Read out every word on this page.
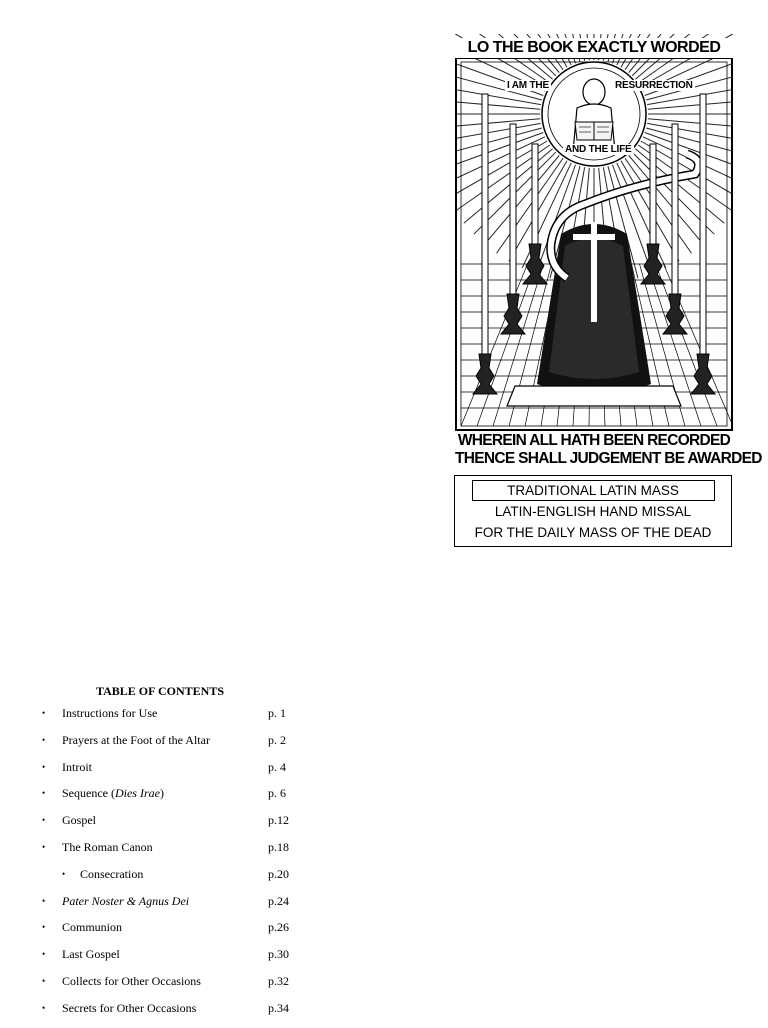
LO THE BOOK EXACTLY WORDED
I AM THE	RESURRECTION
AND THE LIFE
WHEREIN ALL HATH BEEN RECORDED
THENCE SHALL JUDGEMENT BE AWARDED
TRADITIONAL LATIN MASS
LATIN-ENGLISH HAND MISSAL
FOR THE DAILY MASS OF THE DEAD
TABLE OF CONTENTS
• Instructions for Use	p. 1
• Prayers at the Foot of the Altar	p. 2
• Introit	p. 4
• Sequence (Dies Irae)	p. 6
• Gospel	p.12
• The Roman Canon	p.18
• Consecration	p.20
• Pater Noster & Agnus Dei	p.24
• Communion	p.26
• Last Gospel	p.30
• Collects for Other Occasions	p.32
• Secrets for Other Occasions	p.34
